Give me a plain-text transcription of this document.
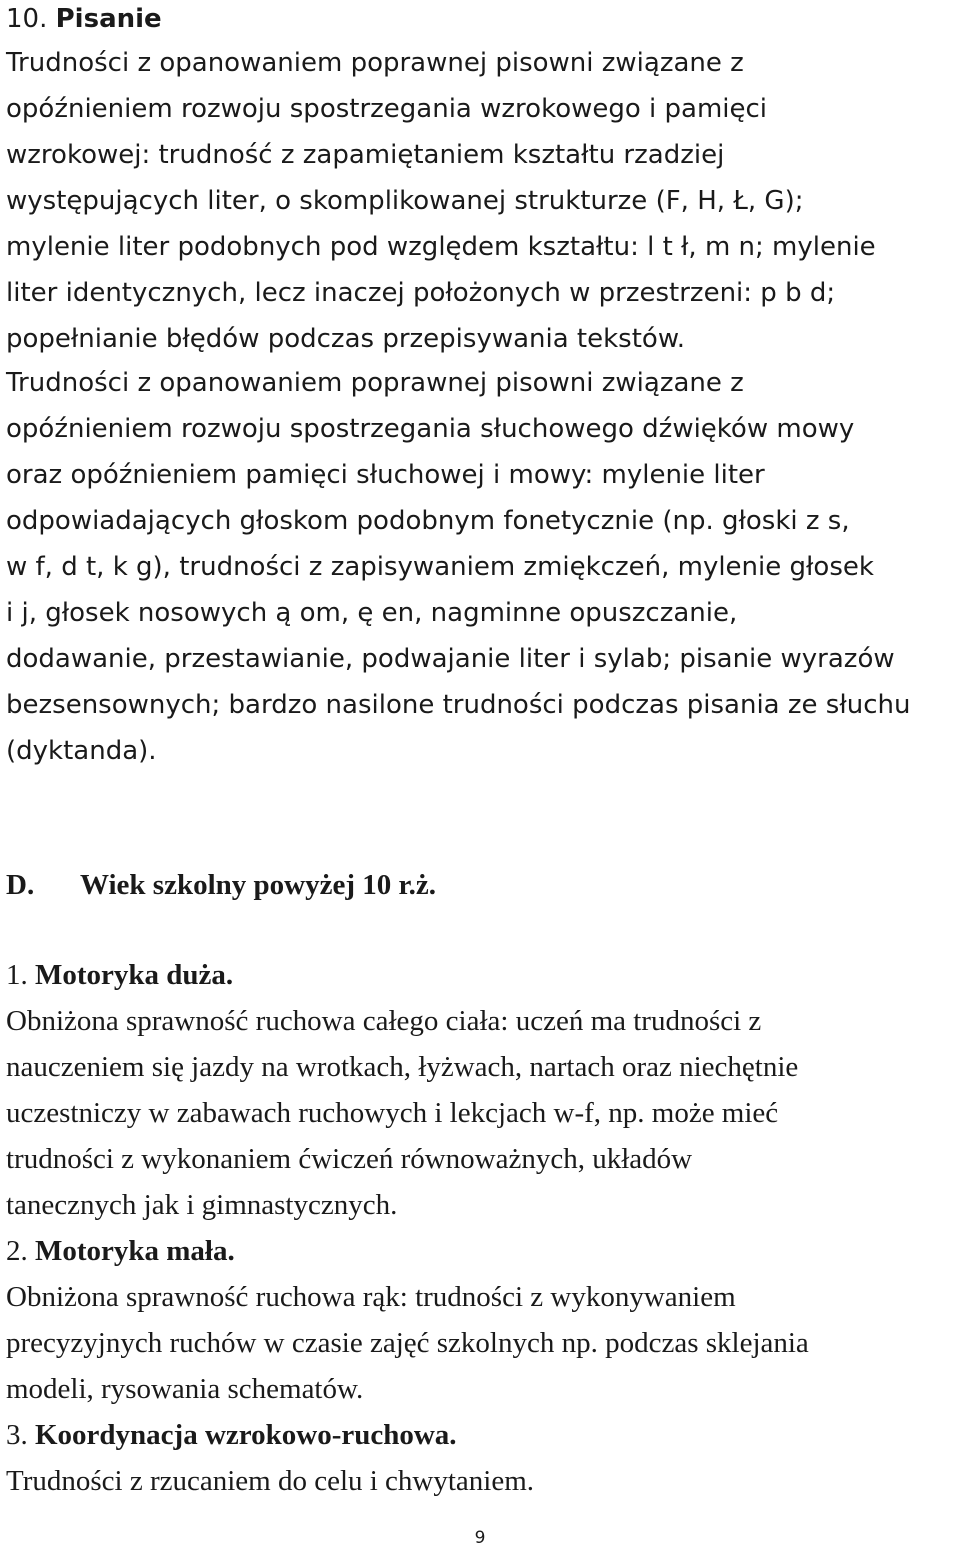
10. Pisanie
Trudności z opanowaniem poprawnej pisowni związane z
opóźnieniem rozwoju spostrzegania wzrokowego i pamięci
wzrokowej: trudność z zapamiętaniem kształtu rzadziej
występujących liter, o skomplikowanej strukturze (F, H, Ł, G);
mylenie liter podobnych pod względem kształtu: l t ł, m n; mylenie
liter identycznych, lecz inaczej położonych w przestrzeni: p b d;
popełnianie błędów podczas przepisywania tekstów.
Trudności z opanowaniem poprawnej pisowni związane z
opóźnieniem rozwoju spostrzegania słuchowego dźwięków mowy
oraz opóźnieniem pamięci słuchowej i mowy: mylenie liter
odpowiadających głoskom podobnym fonetycznie (np. głoski z s,
w f, d t, k g), trudności z zapisywaniem zmiękczeń, mylenie głosek
i j, głosek nosowych ą om, ę en, nagminne opuszczanie,
dodawanie, przestawianie, podwajanie liter i sylab; pisanie wyrazów
bezsensownych; bardzo nasilone trudności podczas pisania ze słuchu
(dyktanda).
D. Wiek szkolny powyżej 10 r.ż.
1. Motoryka duża.
Obniżona sprawność ruchowa całego ciała: uczeń ma trudności z
nauczeniem się jazdy na wrotkach, łyżwach, nartach oraz niechętnie
uczestniczy w zabawach ruchowych i lekcjach w-f, np. może mieć
trudności z wykonaniem ćwiczeń równoważnych, układów
tanecznych jak i gimnastycznych.
2. Motoryka mała.
Obniżona sprawność ruchowa rąk: trudności z wykonywaniem
precyzyjnych ruchów w czasie zajęć szkolnych np. podczas sklejania
modeli, rysowania schematów.
3. Koordynacja wzrokowo-ruchowa.
Trudności z rzucaniem do celu i chwytaniem.
9
